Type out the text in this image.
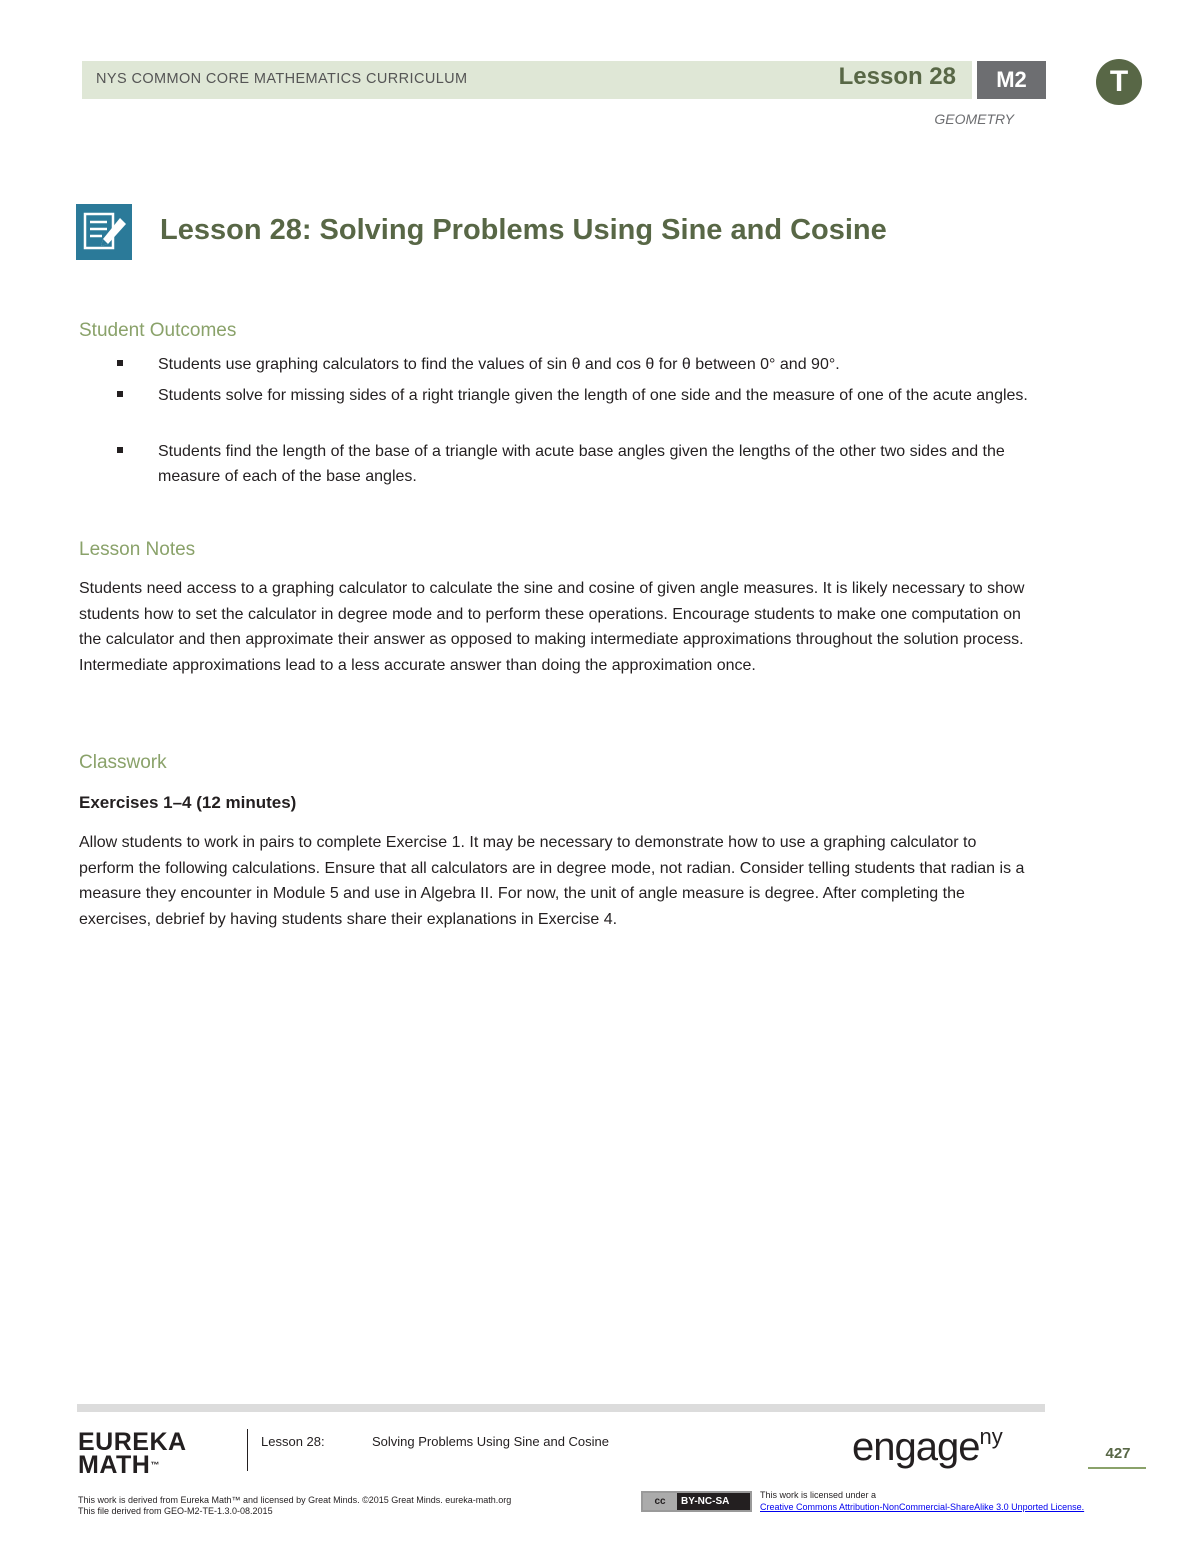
NYS COMMON CORE MATHEMATICS CURRICULUM	Lesson 28	M2	T
GEOMETRY
Lesson 28: Solving Problems Using Sine and Cosine
Student Outcomes
Students use graphing calculators to find the values of sin θ and cos θ for θ between 0° and 90°.
Students solve for missing sides of a right triangle given the length of one side and the measure of one of the acute angles.
Students find the length of the base of a triangle with acute base angles given the lengths of the other two sides and the measure of each of the base angles.
Lesson Notes
Students need access to a graphing calculator to calculate the sine and cosine of given angle measures. It is likely necessary to show students how to set the calculator in degree mode and to perform these operations. Encourage students to make one computation on the calculator and then approximate their answer as opposed to making intermediate approximations throughout the solution process. Intermediate approximations lead to a less accurate answer than doing the approximation once.
Classwork
Exercises 1–4 (12 minutes)
Allow students to work in pairs to complete Exercise 1. It may be necessary to demonstrate how to use a graphing calculator to perform the following calculations. Ensure that all calculators are in degree mode, not radian. Consider telling students that radian is a measure they encounter in Module 5 and use in Algebra II. For now, the unit of angle measure is degree. After completing the exercises, debrief by having students share their explanations in Exercise 4.
EUREKA
MATH™
Lesson 28:	Solving Problems Using Sine and Cosine	engage$^{ny}$
427
This work is derived from Eureka Math™ and licensed by Great Minds. ©2015 Great Minds. eureka-math.org
This file derived from GEO-M2-TE-1.3.0-08.2015
cc BY-NC-SA
This work is licensed under a
Creative Commons Attribution-NonCommercial-ShareAlike 3.0 Unported License.
